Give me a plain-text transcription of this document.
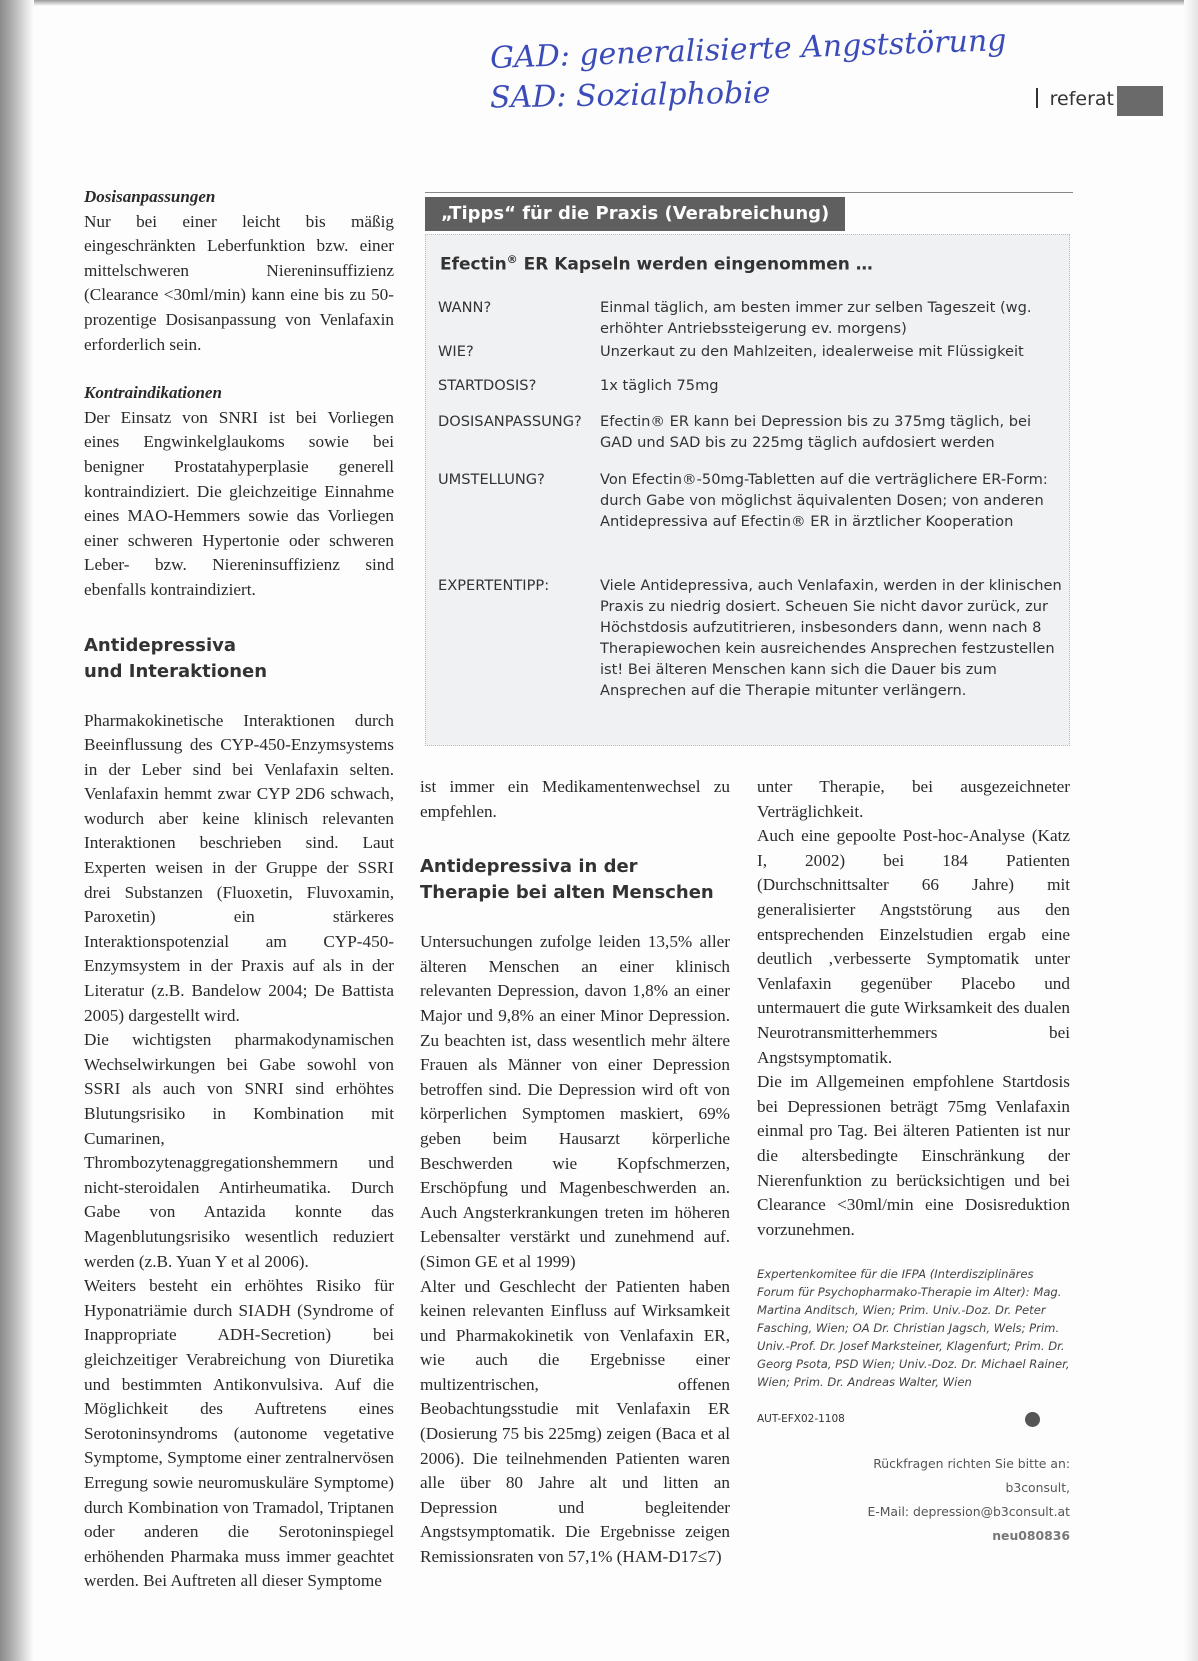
GAD: generalisierte Angststörung
SAD: Sozialphobie	referat

Dosisanpassungen

Nur bei einer leicht bis mäßig eingeschränkten Leberfunktion bzw. einer mittelschweren Niereninsuffizienz (Clearance <30ml/min) kann eine bis zu 50-prozentige Dosisanpassung von Venlafaxin erforderlich sein.

Kontraindikationen

Der Einsatz von SNRI ist bei Vorliegen eines Engwinkelglaukoms sowie bei benigner Prostatahyperplasie generell kontraindiziert. Die gleichzeitige Einnahme eines MAO-Hemmers sowie das Vorliegen einer schweren Hypertonie oder schweren Leber- bzw. Niereninsuffizienz sind ebenfalls kontraindiziert.

Antidepressiva
und Interaktionen

Pharmakokinetische Interaktionen durch Beeinflussung des CYP-450-Enzymsystems in der Leber sind bei Venlafaxin selten. Venlafaxin hemmt zwar CYP 2D6 schwach, wodurch aber keine klinisch relevanten Interaktionen beschrieben sind. Laut Experten weisen in der Gruppe der SSRI drei Substanzen (Fluoxetin, Fluvoxamin, Paroxetin) ein stärkeres Interaktionspotenzial am CYP-450-Enzymsystem in der Praxis auf als in der Literatur (z.B. Bandelow 2004; De Battista 2005) dargestellt wird.

Die wichtigsten pharmakodynamischen Wechselwirkungen bei Gabe sowohl von SSRI als auch von SNRI sind erhöhtes Blutungsrisiko in Kombination mit Cumarinen, Thrombozytenaggregationshemmern und nicht-steroidalen Antirheumatika. Durch Gabe von Antazida konnte das Magenblutungsrisiko wesentlich reduziert werden (z.B. Yuan Y et al 2006).

Weiters besteht ein erhöhtes Risiko für Hyponatriämie durch SIADH (Syndrome of Inappropriate ADH-Secretion) bei gleichzeitiger Verabreichung von Diuretika und bestimmten Antikonvulsiva. Auf die Möglichkeit des Auftretens eines Serotoninsyndroms (autonome vegetative Symptome, Symptome einer zentralnervösen Erregung sowie neuromuskuläre Symptome) durch Kombination von Tramadol, Triptanen oder anderen die Serotoninspiegel erhöhenden Pharmaka muss immer geachtet werden. Bei Auftreten all dieser Symptome

„Tipps“ für die Praxis (Verabreichung)
Efectin® ER Kapseln werden eingenommen …
WANN?	Einmal täglich, am besten immer zur selben Tageszeit (wg. erhöhter Antriebssteigerung ev. morgens)
WIE?	Unzerkaut zu den Mahlzeiten, idealerweise mit Flüssigkeit
STARTDOSIS?	1x täglich 75mg
DOSISANPASSUNG?	Efectin® ER kann bei Depression bis zu 375mg täglich, bei GAD und SAD bis zu 225mg täglich aufdosiert werden
UMSTELLUNG?	Von Efectin®-50mg-Tabletten auf die verträglichere ER-Form: durch Gabe von möglichst äquivalenten Dosen; von anderen Antidepressiva auf Efectin® ER in ärztlicher Kooperation
EXPERTENTIPP:	Viele Antidepressiva, auch Venlafaxin, werden in der klinischen Praxis zu niedrig dosiert. Scheuen Sie nicht davor zurück, zur Höchstdosis aufzutitrieren, insbesonders dann, wenn nach 8 Therapiewochen kein ausreichendes Ansprechen festzustellen ist! Bei älteren Menschen kann sich die Dauer bis zum Ansprechen auf die Therapie mitunter verlängern.

ist immer ein Medikamentenwechsel zu empfehlen.

Antidepressiva in der
Therapie bei alten Menschen

Untersuchungen zufolge leiden 13,5% aller älteren Menschen an einer klinisch relevanten Depression, davon 1,8% an einer Major und 9,8% an einer Minor Depression. Zu beachten ist, dass wesentlich mehr ältere Frauen als Männer von einer Depression betroffen sind. Die Depression wird oft von körperlichen Symptomen maskiert, 69% geben beim Hausarzt körperliche Beschwerden wie Kopfschmerzen, Erschöpfung und Magenbeschwerden an. Auch Angsterkrankungen treten im höheren Lebensalter verstärkt und zunehmend auf. (Simon GE et al 1999)

Alter und Geschlecht der Patienten haben keinen relevanten Einfluss auf Wirksamkeit und Pharmakokinetik von Venlafaxin ER, wie auch die Ergebnisse einer multizentrischen, offenen Beobachtungsstudie mit Venlafaxin ER (Dosierung 75 bis 225mg) zeigen (Baca et al 2006). Die teilnehmenden Patienten waren alle über 80 Jahre alt und litten an Depression und begleitender Angstsymptomatik. Die Ergebnisse zeigen Remissionsraten von 57,1% (HAM-D17≤7)

unter Therapie, bei ausgezeichneter Verträglichkeit.

Auch eine gepoolte Post-hoc-Analyse (Katz I, 2002) bei 184 Patienten (Durchschnittsalter 66 Jahre) mit generalisierter Angststörung aus den entsprechenden Einzelstudien ergab eine deutlich ‚verbesserte Symptomatik unter Venlafaxin gegenüber Placebo und untermauert die gute Wirksamkeit des dualen Neurotransmitterhemmers bei Angstsymptomatik.

Die im Allgemeinen empfohlene Startdosis bei Depressionen beträgt 75mg Venlafaxin einmal pro Tag. Bei älteren Patienten ist nur die altersbedingte Einschränkung der Nierenfunktion zu berücksichtigen und bei Clearance <30ml/min eine Dosisreduktion vorzunehmen.

Expertenkomitee für die IFPA (Interdisziplinäres Forum für Psychopharmako-Therapie im Alter): Mag. Martina Anditsch, Wien; Prim. Univ.-Doz. Dr. Peter Fasching, Wien; OA Dr. Christian Jagsch, Wels; Prim. Univ.-Prof. Dr. Josef Marksteiner, Klagenfurt; Prim. Dr. Georg Psota, PSD Wien; Univ.-Doz. Dr. Michael Rainer, Wien; Prim. Dr. Andreas Walter, Wien
AUT-EFX02-1108
Rückfragen richten Sie bitte an:
b3consult,
E-Mail: depression@b3consult.at
neu080836
